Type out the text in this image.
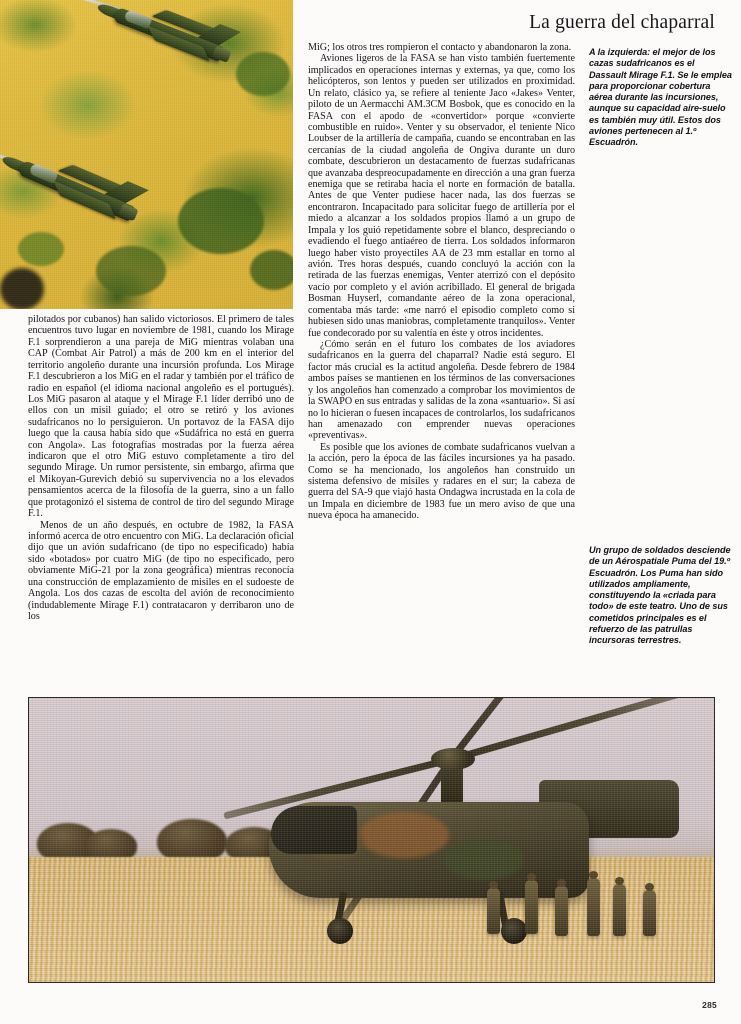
La guerra del chaparral

pilotados por cubanos) han salido victoriosos. El primero de tales encuentros tuvo lugar en noviembre de 1981, cuando los Mirage F.1 sorprendieron a una pareja de MiG mientras volaban una CAP (Combat Air Patrol) a más de 200 km en el interior del territorio angoleño durante una incursión profunda. Los Mirage F.1 descubrieron a los MiG en el radar y también por el tráfico de radio en español (el idioma nacional angoleño es el portugués). Los MiG pasaron al ataque y el Mirage F.1 líder derribó uno de ellos con un misil guiado; el otro se retiró y los aviones sudafricanos no lo persiguieron. Un portavoz de la FASA dijo luego que la causa había sido que «Sudáfrica no está en guerra con Angola». Las fotografías mostradas por la fuerza aérea indicaron que el otro MiG estuvo completamente a tiro del segundo Mirage. Un rumor persistente, sin embargo, afirma que el Mikoyan-Gurevich debió su supervivencia no a los elevados pensamientos acerca de la filosofía de la guerra, sino a un fallo que protagonizó el sistema de control de tiro del segundo Mirage F.1.

Menos de un año después, en octubre de 1982, la FASA informó acerca de otro encuentro con MiG. La declaración oficial dijo que un avión sudafricano (de tipo no especificado) había sido «botados» por cuatro MiG (de tipo no especificado, pero obviamente MiG-21 por la zona geográfica) mientras reconocía una construcción de emplazamiento de misiles en el sudoeste de Angola. Los dos cazas de escolta del avión de reconocimiento (indudablemente Mirage F.1) contratacaron y derribaron uno de los

MiG; los otros tres rompieron el contacto y abandonaron la zona.

Aviones ligeros de la FASA se han visto también fuertemente implicados en operaciones internas y externas, ya que, como los helicópteros, son lentos y pueden ser utilizados en proximidad. Un relato, clásico ya, se refiere al teniente Jaco «Jakes» Venter, piloto de un Aermacchi AM.3CM Bosbok, que es conocido en la FASA con el apodo de «convertidor» porque «convierte combustible en ruido». Venter y su observador, el teniente Nico Loubser de la artillería de campaña, cuando se encontraban en las cercanías de la ciudad angoleña de Ongiva durante un duro combate, descubrieron un destacamento de fuerzas sudafricanas que avanzaba despreocupadamente en dirección a una gran fuerza enemiga que se retiraba hacia el norte en formación de batalla. Antes de que Venter pudiese hacer nada, las dos fuerzas se encontraron. Incapacitado para solicitar fuego de artillería por el miedo a alcanzar a los soldados propios llamó a un grupo de Impala y los guió repetidamente sobre el blanco, despreciando o evadiendo el fuego antiaéreo de tierra. Los soldados informaron luego haber visto proyectiles AA de 23 mm estallar en torno al avión. Tres horas después, cuando concluyó la acción con la retirada de las fuerzas enemigas, Venter aterrizó con el depósito vacío por completo y el avión acribillado. El general de brigada Bosman Huyserl, comandante aéreo de la zona operacional, comentaba más tarde: «me narró el episodio completo como si hubiesen sido unas maniobras, completamente tranquilos». Venter fue condecorado por su valentía en éste y otros incidentes.

¿Cómo serán en el futuro los combates de los aviadores sudafricanos en la guerra del chaparral? Nadie está seguro. El factor más crucial es la actitud angoleña. Desde febrero de 1984 ambos países se mantienen en los términos de las conversaciones y los angoleños han comenzado a comprobar los movimientos de la SWAPO en sus entradas y salidas de la zona «santuario». Si así no lo hicieran o fuesen incapaces de controlarlos, los sudafricanos han amenazado con emprender nuevas operaciones «preventivas».

Es posible que los aviones de combate sudafricanos vuelvan a la acción, pero la época de las fáciles incursiones ya ha pasado. Como se ha mencionado, los angoleños han construido un sistema defensivo de misiles y radares en el sur; la cabeza de guerra del SA-9 que viajó hasta Ondagwa incrustada en la cola de un Impala en diciembre de 1983 fue un mero aviso de que una nueva época ha amanecido.

A la izquierda: el mejor de los cazas sudafricanos es el Dassault Mirage F.1. Se le emplea para proporcionar cobertura aérea durante las incursiones, aunque su capacidad aire-suelo es también muy útil. Estos dos aviones pertenecen al 1.º Escuadrón.
Un grupo de soldados desciende de un Aérospatiale Puma del 19.º Escuadrón. Los Puma han sido utilizados ampliamente, constituyendo la «criada para todo» de este teatro. Uno de sus cometidos principales es el refuerzo de las patrullas incursoras terrestres.
285
